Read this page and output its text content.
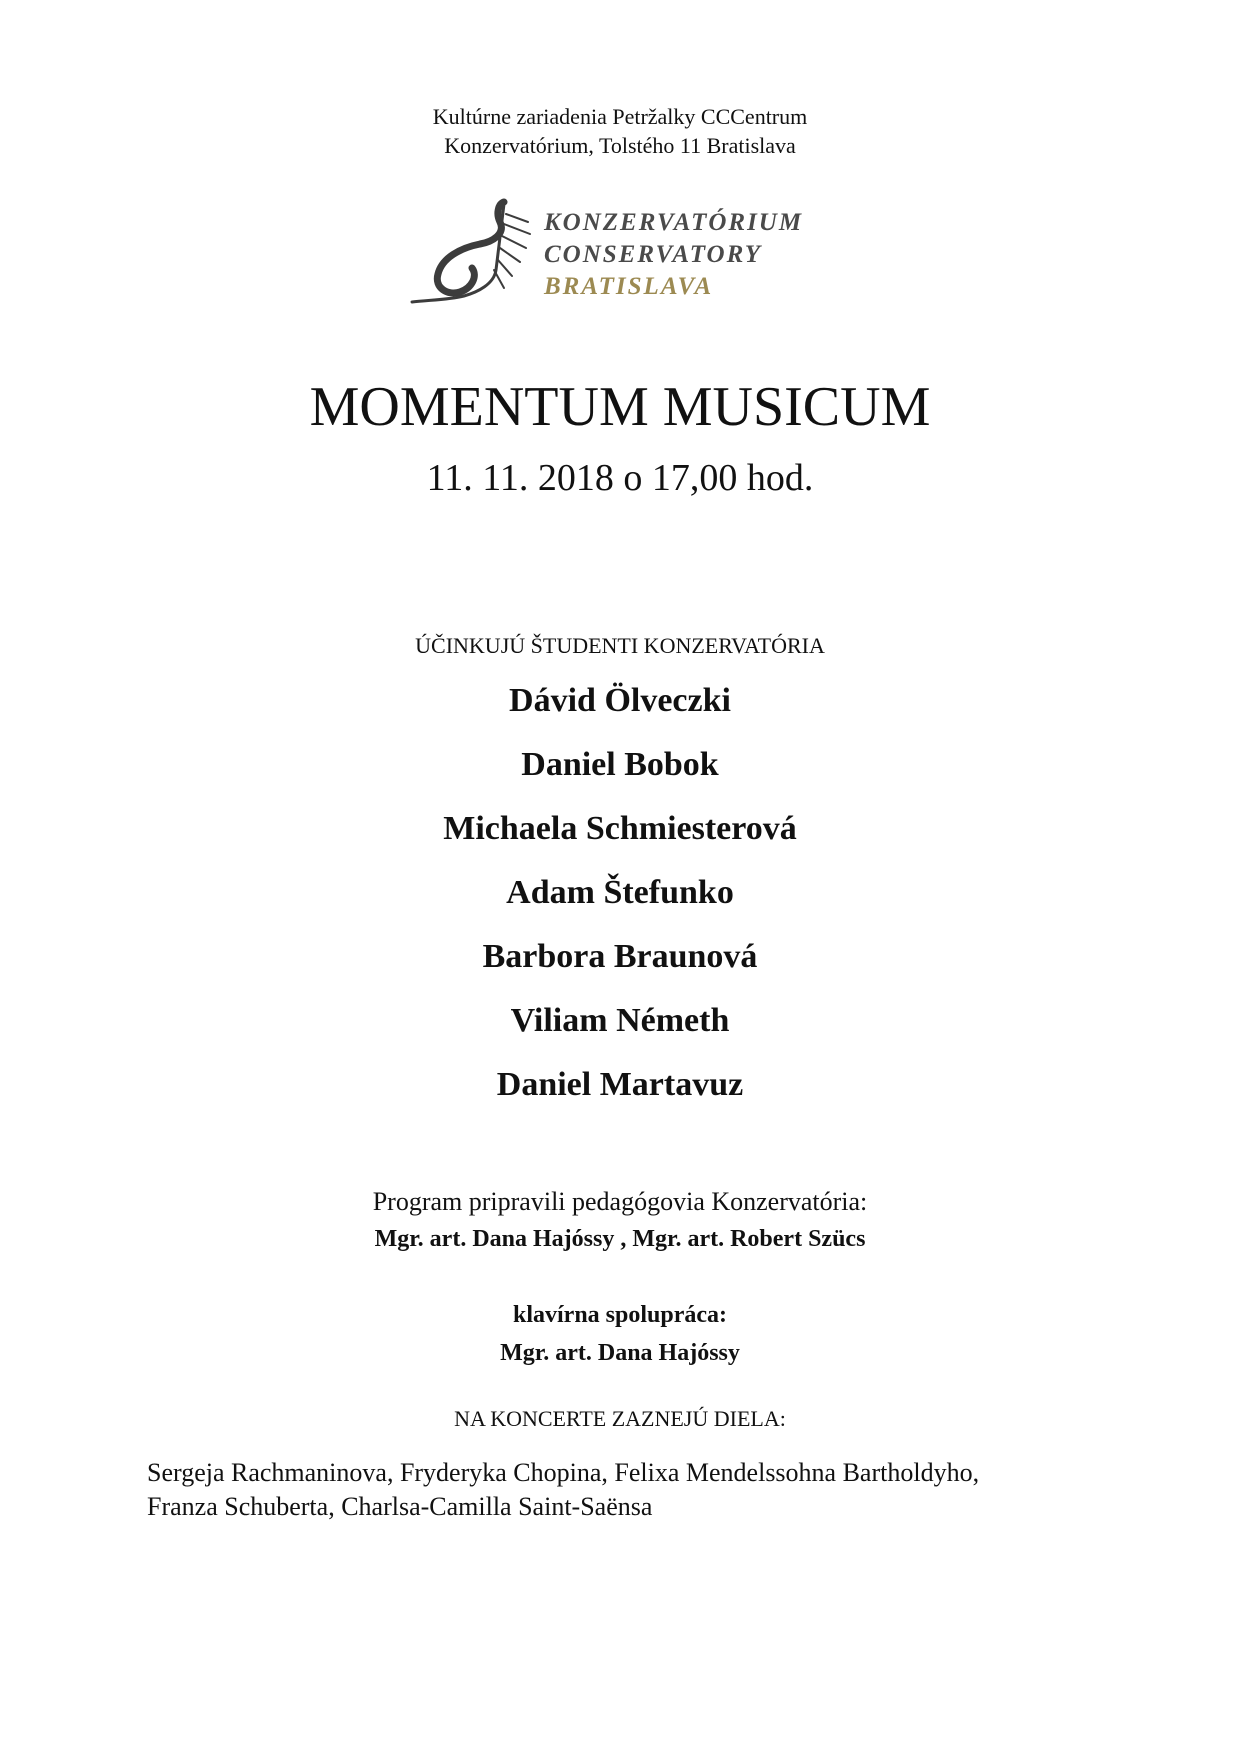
Kultúrne zariadenia Petržalky CCCentrum
Konzervatórium, Tolstého 11 Bratislava
KONZERVATÓRIUM
CONSERVATORY
BRATISLAVA
MOMENTUM MUSICUM
11. 11. 2018 o 17,00 hod.
ÚČINKUJÚ ŠTUDENTI KONZERVATÓRIA
Dávid Ölveczki
Daniel Bobok
Michaela Schmiesterová
Adam Štefunko
Barbora Braunová
Viliam Németh
Daniel Martavuz
Program pripravili pedagógovia Konzervatória:
Mgr. art. Dana Hajóssy , Mgr. art. Robert Szücs
klavírna spolupráca:
Mgr. art. Dana Hajóssy
NA KONCERTE ZAZNEJÚ DIELA:
Sergeja Rachmaninova, Fryderyka Chopina, Felixa Mendelssohna Bartholdyho,
Franza Schuberta, Charlsa-Camilla Saint-Saënsa
